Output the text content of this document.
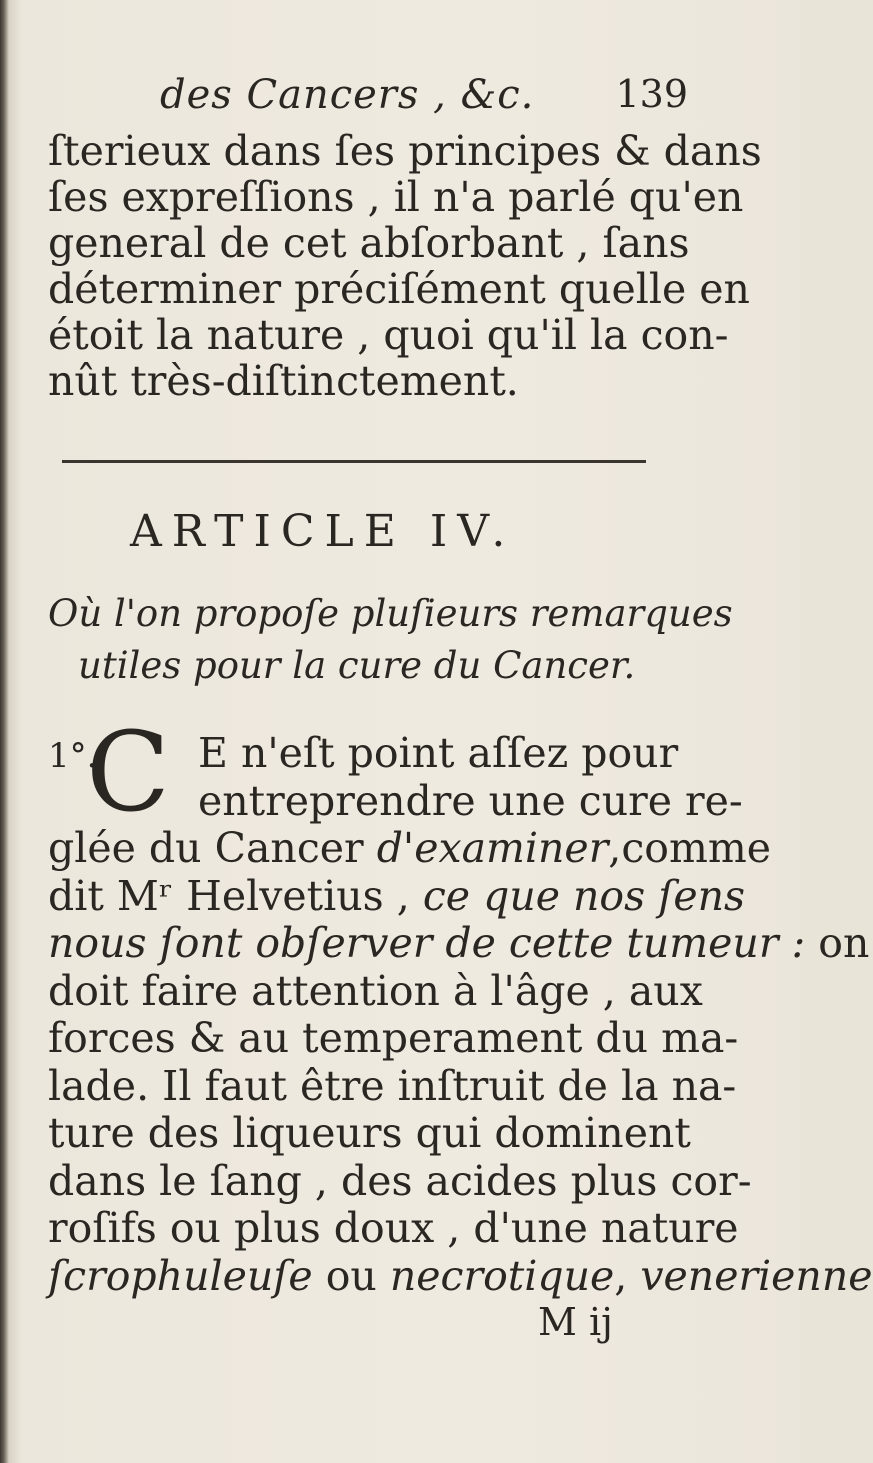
des Cancers , &c. 139
ſterieux dans ſes principes & dans
ſes expreſſions , il n'a parlé qu'en
general de cet abſorbant , ſans
déterminer préciſément quelle en
étoit la nature , quoi qu'il la con-
nût très-diſtinctement.
ARTICLE IV.
Où l'on propoſe pluſieurs remarques
utiles pour la cure du Cancer.
C
1°. E n'eſt point aſſez pour
entreprendre une cure re-
glée du Cancer d'examiner,comme
dit Mʳ Helvetius , ce que nos ſens
nous ſont obſerver de cette tumeur : on
doit faire attention à l'âge , aux
forces & au temperament du ma-
lade. Il faut être inſtruit de la na-
ture des liqueurs qui dominent
dans le ſang , des acides plus cor-
roſifs ou plus doux , d'une nature
ſcrophuleuſe ou necrotique, venerienne
M ij
